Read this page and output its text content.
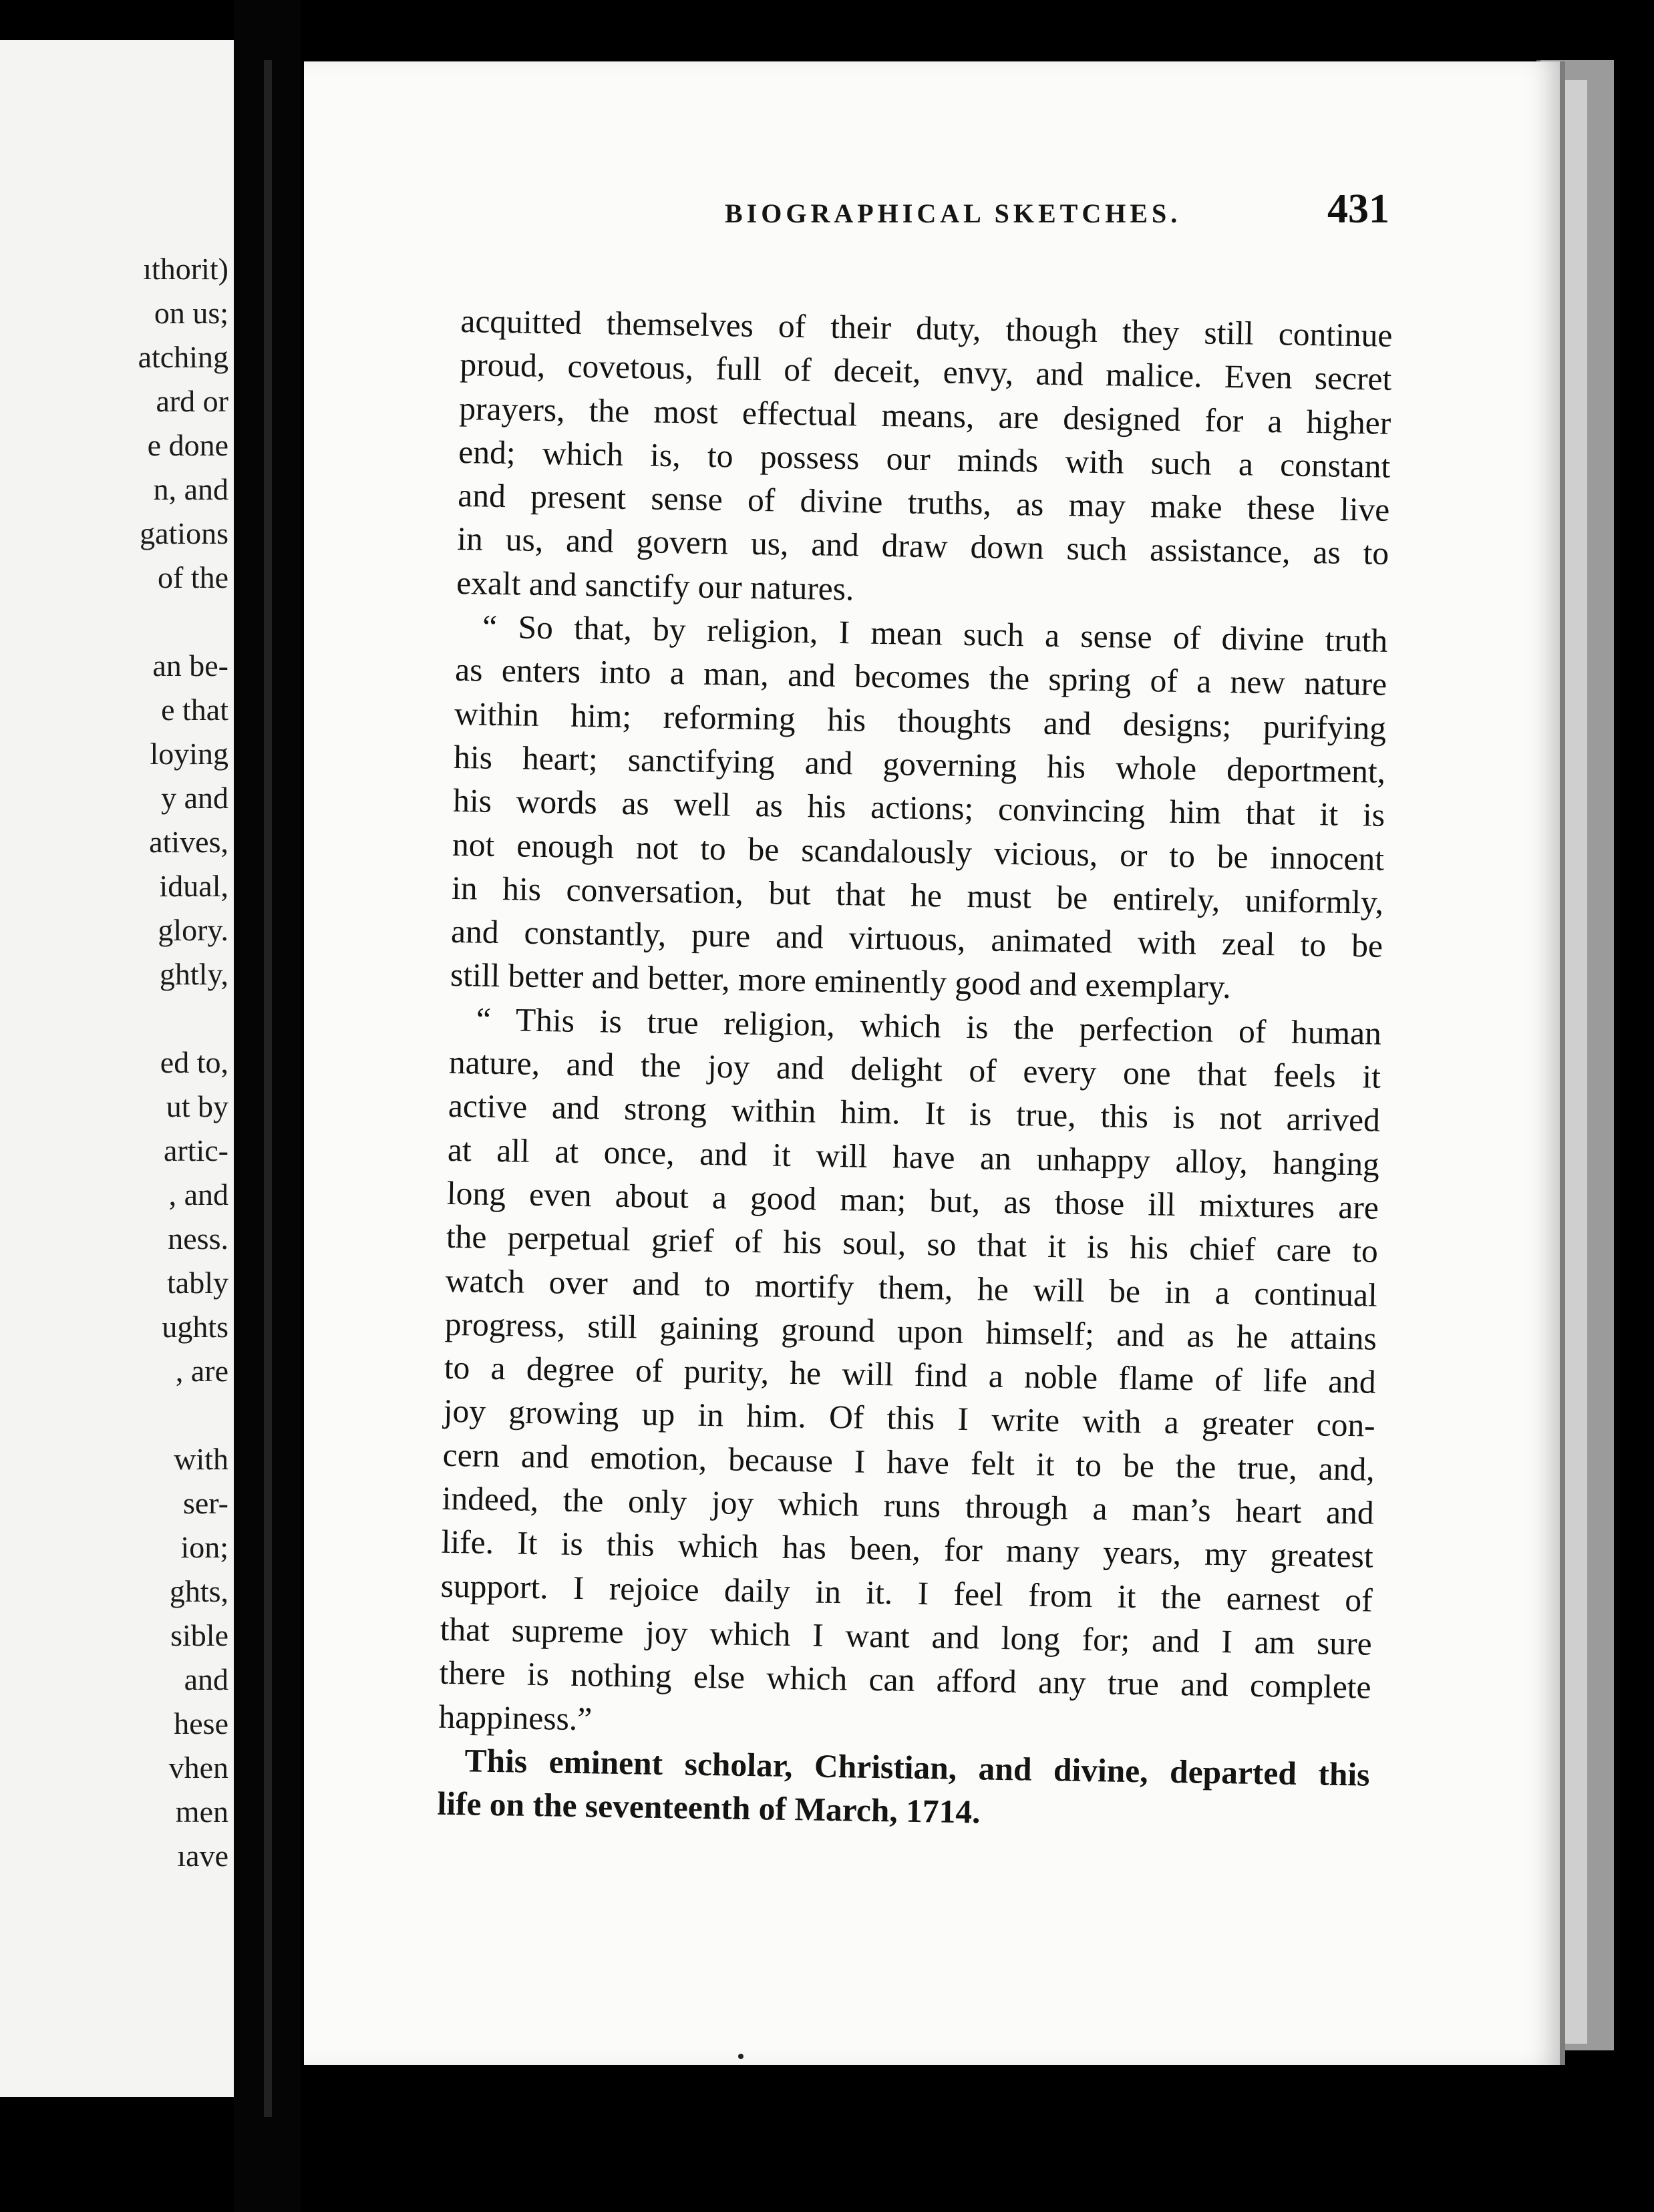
ıthorit)
on us;
atching
ard or
e done
n, and
gations
of the
an be-
e that
loying
y and
atives,
idual,
glory.
ghtly,
ed to,
ut by
artic-
, and
ness.
tably
ughts
, are
with
ser-
ion;
ghts,
sible
and
hese
vhen
men
ıave
BIOGRAPHICAL SKETCHES.	431
acquitted themselves of their duty, though they still continue
proud, covetous, full of deceit, envy, and malice. Even secret
prayers, the most effectual means, are designed for a higher
end; which is, to possess our minds with such a constant
and present sense of divine truths, as may make these live
in us, and govern us, and draw down such assistance, as to
exalt and sanctify our natures.
“ So that, by religion, I mean such a sense of divine truth
as enters into a man, and becomes the spring of a new nature
within him; reforming his thoughts and designs; purifying
his heart; sanctifying and governing his whole deportment,
his words as well as his actions; convincing him that it is
not enough not to be scandalously vicious, or to be innocent
in his conversation, but that he must be entirely, uniformly,
and constantly, pure and virtuous, animated with zeal to be
still better and better, more eminently good and exemplary.
“ This is true religion, which is the perfection of human
nature, and the joy and delight of every one that feels it
active and strong within him. It is true, this is not arrived
at all at once, and it will have an unhappy alloy, hanging
long even about a good man; but, as those ill mixtures are
the perpetual grief of his soul, so that it is his chief care to
watch over and to mortify them, he will be in a continual
progress, still gaining ground upon himself; and as he attains
to a degree of purity, he will find a noble flame of life and
joy growing up in him. Of this I write with a greater con-
cern and emotion, because I have felt it to be the true, and,
indeed, the only joy which runs through a man’s heart and
life. It is this which has been, for many years, my greatest
support. I rejoice daily in it. I feel from it the earnest of
that supreme joy which I want and long for; and I am sure
there is nothing else which can afford any true and complete
happiness.”
This eminent scholar, Christian, and divine, departed this
life on the seventeenth of March, 1714.
